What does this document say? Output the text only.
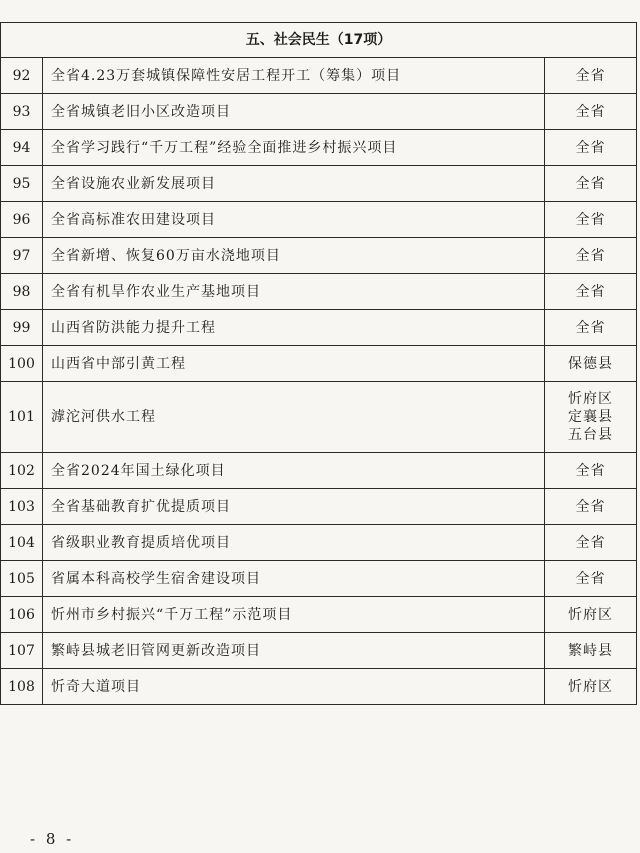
五、社会民生（17项）		
92	全省4.23万套城镇保障性安居工程开工（筹集）项目	全省

93	全省城镇老旧小区改造项目	全省

94	全省学习践行“千万工程”经验全面推进乡村振兴项目	全省

95	全省设施农业新发展项目	全省

96	全省高标准农田建设项目	全省

97	全省新增、恢复60万亩水浇地项目	全省

98	全省有机旱作农业生产基地项目	全省

99	山西省防洪能力提升工程	全省

100	山西省中部引黄工程	保德县

101	滹沱河供水工程	忻府区
定襄县
五台县

102	全省2024年国土绿化项目	全省

103	全省基础教育扩优提质项目	全省

104	省级职业教育提质培优项目	全省

105	省属本科高校学生宿舍建设项目	全省

106	忻州市乡村振兴“千万工程”示范项目	忻府区

107	繁峙县城老旧管网更新改造项目	繁峙县

108	忻奇大道项目	忻府区
- 8 -
